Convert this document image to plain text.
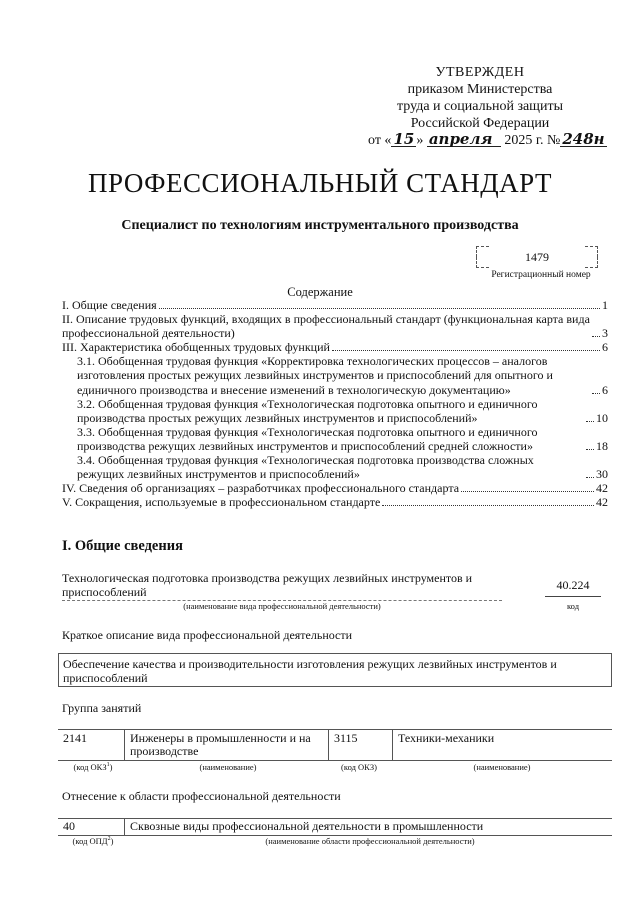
УТВЕРЖДЕН
приказом Министерства
труда и социальной защиты
Российской Федерации
от « 15 » апреля 2025 г. № 248н
ПРОФЕССИОНАЛЬНЫЙ СТАНДАРТ
Специалист по технологиям инструментального производства
1479
Регистрационный номер
Содержание
I. Общие сведения	1
II. Описание трудовых функций, входящих в профессиональный стандарт (функциональная карта вида профессиональной деятельности)	3
III. Характеристика обобщенных трудовых функций	6
3.1. Обобщенная трудовая функция «Корректировка технологических процессов – аналогов изготовления простых режущих лезвийных инструментов и приспособлений для опытного и единичного производства и внесение изменений в технологическую документацию»	6
3.2. Обобщенная трудовая функция «Технологическая подготовка опытного и единичного производства простых режущих лезвийных инструментов и приспособлений»	10
3.3. Обобщенная трудовая функция «Технологическая подготовка опытного и единичного производства режущих лезвийных инструментов и приспособлений средней сложности»	18
3.4. Обобщенная трудовая функция «Технологическая подготовка производства сложных режущих лезвийных инструментов и приспособлений»	30
IV. Сведения об организациях – разработчиках профессионального стандарта	42
V. Сокращения, используемые в профессиональном стандарте	42
I. Общие сведения
Технологическая подготовка производства режущих лезвийных инструментов и приспособлений
(наименование вида профессиональной деятельности)
40.224
код
Краткое описание вида профессиональной деятельности
Обеспечение качества и производительности изготовления режущих лезвийных инструментов и приспособлений
Группа занятий
2141	Инженеры в промышленности и на производстве
3115	Техники-механики
(код ОКЗ$^1$)	(наименование)	(код ОКЗ)	(наименование)
Отнесение к области профессиональной деятельности
40	Сквозные виды профессиональной деятельности в промышленности
(код ОПД$^2$)	(наименование области профессиональной деятельности)
